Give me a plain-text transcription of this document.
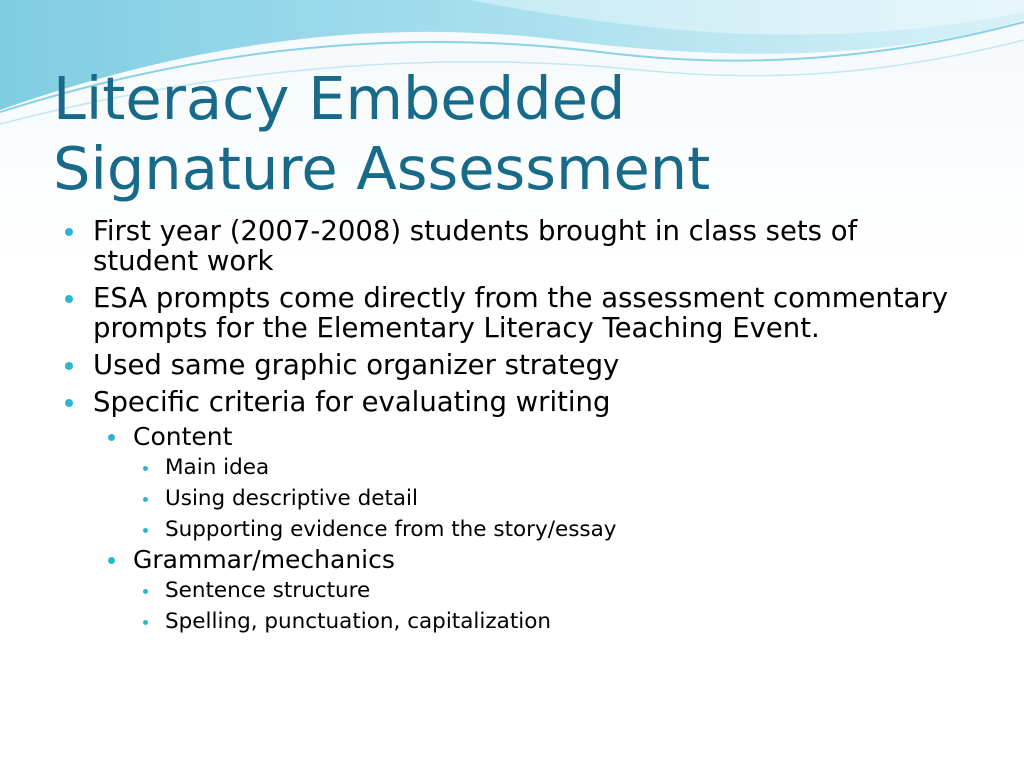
Literacy Embedded
Signature Assessment
First year (2007-2008) students brought in class sets of student work
ESA prompts come directly from the assessment commentary prompts for the Elementary Literacy Teaching Event.
Used same graphic organizer strategy
Specific criteria for evaluating writing
Content
Main idea
Using descriptive detail
Supporting evidence from the story/essay
Grammar/mechanics
Sentence structure
Spelling, punctuation, capitalization
